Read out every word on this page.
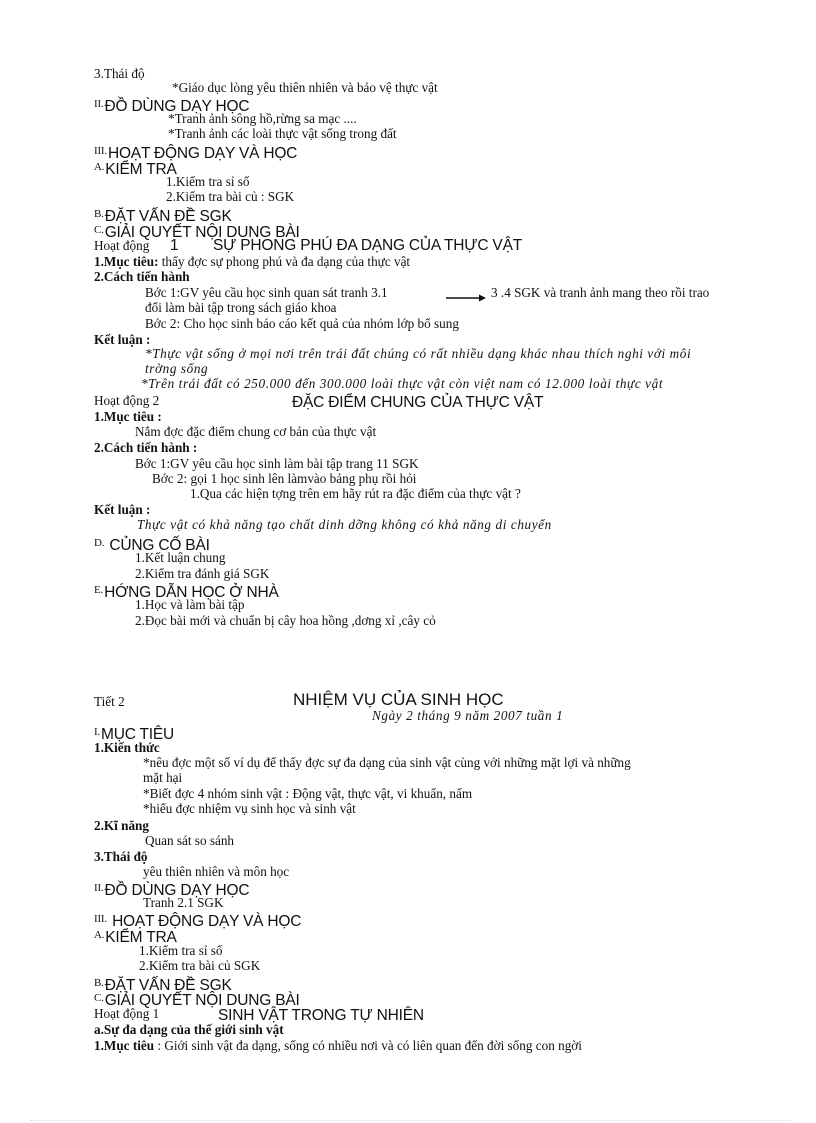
3.Thái độ
*Giáo dục lòng yêu thiên nhiên và bảo vệ thực vật
$^{II.}$ĐỒ DÙNG DẠY HỌC
*Tranh ảnh sông hồ,rừng sa mạc ....
*Tranh ảnh các loài thực vật sống trong đất
$^{III.}$HOẠT ĐỘNG DẠY VÀ HỌC
$^{A.}$KIỂM TRA
1.Kiểm tra sỉ số
2.Kiểm tra bài củ : SGK
$^{B.}$ĐẶT VẤN ĐỀ SGK
$^{C.}$GIẢI QUYẾT NỘI DUNG BÀI
Hoạt động 1 SỰ PHONG PHÚ ĐA DẠNG CỦA THỰC VẬT
1.Mục tiêu: thấy đợc sự phong phú và đa dạng của thực vật
2.Cách tiến hành
Bớc 1:GV yêu cầu học sinh quan sát tranh 3.1	3 .4 SGK và tranh ảnh mang theo rồi trao
đổi làm bài tập trong sách giáo khoa
Bớc 2: Cho học sinh báo cáo kết quả của nhóm lớp bổ sung
Kết luận :
*Thực vật sống ở mọi nơi trên trái đất chúng có rất nhiều dạng khác nhau thích nghi với môi
trờng sống
*Trên trái đất có 250.000 đến 300.000 loài thực vật còn việt nam có 12.000 loài thực vật
Hoạt động 2	ĐẶC ĐIỂM CHUNG CỦA THỰC VẬT
1.Mục tiêu :
Nắm đợc đặc điểm chung cơ bản của thực vật
2.Cách tiến hành :
Bớc 1:GV yêu cầu học sinh làm bài tập trang 11 SGK
Bớc 2: gọi 1 học sinh lên làmvào bảng phụ rồi hỏi
1.Qua các hiện tợng trên em hãy rút ra đặc điểm của thực vật ?
Kết luận :
Thực vật có khả năng tạo chất dinh dỡng không có khả năng di chuyển
$^{D.}$ CỦNG CỐ BÀI
1.Kết luận chung
2.Kiểm tra đánh giá SGK
$^{E.}$HỚNG DẪN HỌC Ở NHÀ
1.Học và làm bài tập
2.Đọc bài mới và chuẩn bị cây hoa hồng ,dơng xỉ ,cây cỏ
Tiết 2	NHIỆM VỤ CỦA SINH HỌC
Ngày 2 tháng 9 năm 2007 tuần 1
$^{I.}$MỤC TIÊU
1.Kiến thức
*nêu đợc một số ví dụ để thấy đợc sự đa dạng của sinh vật cùng với những mặt lợi và những
mặt hại
*Biết đợc 4 nhóm sinh vật : Động vật, thực vật, vi khuẩn, nấm
*hiểu đợc nhiệm vụ sinh học và sinh vật
2.Kĩ năng
Quan sát so sánh
3.Thái độ
yêu thiên nhiên và môn học
$^{II.}$ĐỒ DÙNG DẠY HỌC
Tranh 2.1 SGK
$^{III.}$ HOẠT ĐỘNG DẠY VÀ HỌC
$^{A.}$KIỂM TRA
1.Kiểm tra sỉ số
2.Kiểm tra bài củ SGK
$^{B.}$ĐẶT VẤN ĐỀ SGK
$^{C.}$GIẢI QUYẾT NỘI DUNG BÀI
Hoạt động 1	SINH VẬT TRONG TỰ NHIÊN
a.Sự đa dạng của thế giới sinh vật
1.Mục tiêu : Giới sinh vật đa dạng, sống có nhiều nơi và có liên quan đến đời sống con ngời
